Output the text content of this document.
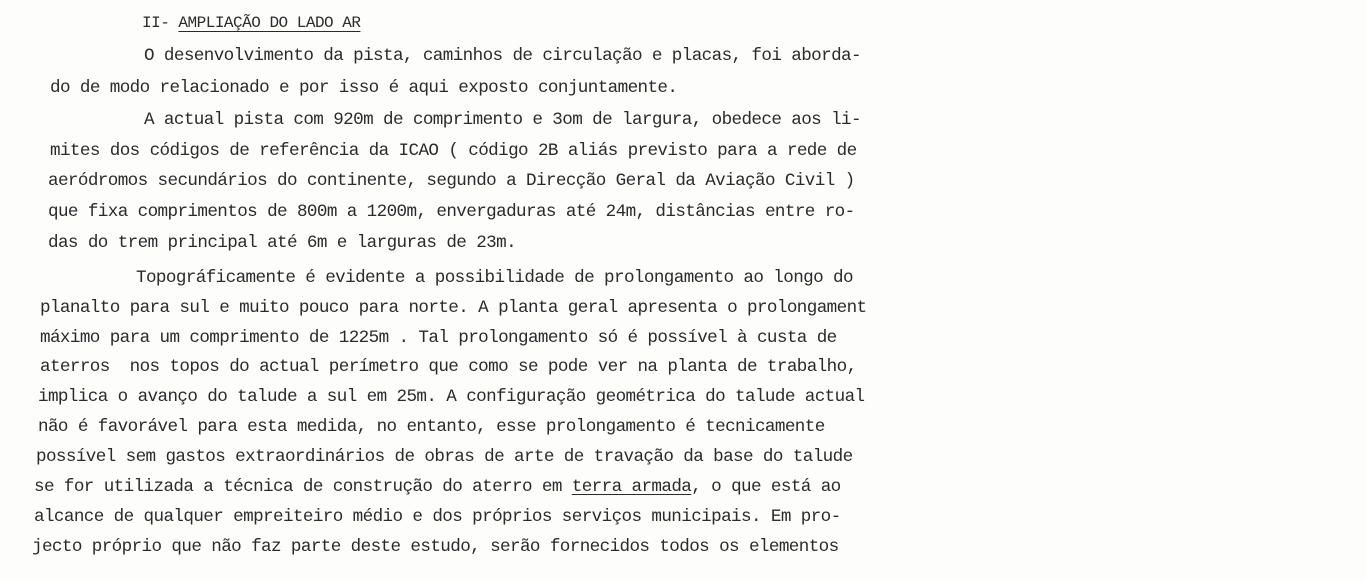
II- AMPLIAÇÃO DO LADO AR
O desenvolvimento da pista, caminhos de circulação e placas, foi aborda-
do de modo relacionado e por isso é aqui exposto conjuntamente.
A actual pista com 920m de comprimento e 3om de largura, obedece aos li-
mites dos códigos de referência da ICAO ( código 2B aliás previsto para a rede de
aeródromos secundários do continente, segundo a Direcção Geral da Aviação Civil )
que fixa comprimentos de 800m a 1200m, envergaduras até 24m, distâncias entre ro-
das do trem principal até 6m e larguras de 23m.
Topográficamente é evidente a possibilidade de prolongamento ao longo do
planalto para sul e muito pouco para norte. A planta geral apresenta o prolongament
máximo para um comprimento de 1225m . Tal prolongamento só é possível à custa de
aterros  nos topos do actual perímetro que como se pode ver na planta de trabalho,
implica o avanço do talude a sul em 25m. A configuração geométrica do talude actual
não é favorável para esta medida, no entanto, esse prolongamento é tecnicamente
possível sem gastos extraordinários de obras de arte de travação da base do talude
se for utilizada a técnica de construção do aterro em terra armada, o que está ao
alcance de qualquer empreiteiro médio e dos próprios serviços municipais. Em pro-
jecto próprio que não faz parte deste estudo, serão fornecidos todos os elementos
